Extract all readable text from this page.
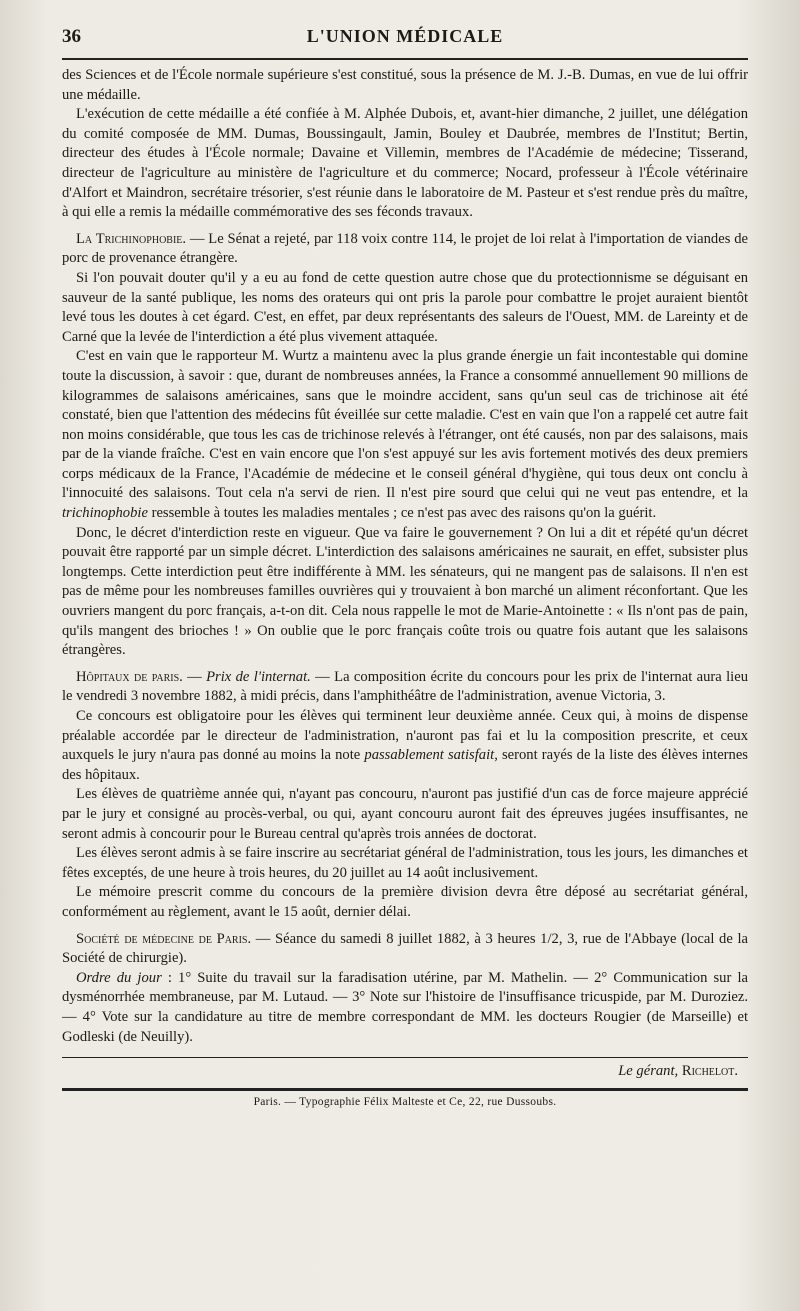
36	L'UNION MÉDICALE

des Sciences et de l'École normale supérieure s'est constitué, sous la présence de M. J.-B. Dumas, en vue de lui offrir une médaille.

L'exécution de cette médaille a été confiée à M. Alphée Dubois, et, avant-hier dimanche, 2 juillet, une délégation du comité composée de MM. Dumas, Boussingault, Jamin, Bouley et Daubrée, membres de l'Institut; Bertin, directeur des études à l'École normale; Davaine et Villemin, membres de l'Académie de médecine; Tisserand, directeur de l'agriculture au ministère de l'agriculture et du commerce; Nocard, professeur à l'École vétérinaire d'Alfort et Maindron, secrétaire trésorier, s'est réunie dans le laboratoire de M. Pasteur et s'est rendue près du maître, à qui elle a remis la médaille commémorative des ses féconds travaux.

La Trichinophobie. — Le Sénat a rejeté, par 118 voix contre 114, le projet de loi relat à l'importation de viandes de porc de provenance étrangère.

Si l'on pouvait douter qu'il y a eu au fond de cette question autre chose que du protectionnisme se déguisant en sauveur de la santé publique, les noms des orateurs qui ont pris la parole pour combattre le projet auraient bientôt levé tous les doutes à cet égard. C'est, en effet, par deux représentants des saleurs de l'Ouest, MM. de Lareinty et de Carné que la levée de l'interdiction a été plus vivement attaquée.

C'est en vain que le rapporteur M. Wurtz a maintenu avec la plus grande énergie un fait incontestable qui domine toute la discussion, à savoir : que, durant de nombreuses années, la France a consommé annuellement 90 millions de kilogrammes de salaisons américaines, sans que le moindre accident, sans qu'un seul cas de trichinose ait été constaté, bien que l'attention des médecins fût éveillée sur cette maladie. C'est en vain que l'on a rappelé cet autre fait non moins considérable, que tous les cas de trichinose relevés à l'étranger, ont été causés, non par des salaisons, mais par de la viande fraîche. C'est en vain encore que l'on s'est appuyé sur les avis fortement motivés des deux premiers corps médicaux de la France, l'Académie de médecine et le conseil général d'hygiène, qui tous deux ont conclu à l'innocuité des salaisons. Tout cela n'a servi de rien. Il n'est pire sourd que celui qui ne veut pas entendre, et la trichinophobie ressemble à toutes les maladies mentales ; ce n'est pas avec des raisons qu'on la guérit.

Donc, le décret d'interdiction reste en vigueur. Que va faire le gouvernement ? On lui a dit et répété qu'un décret pouvait être rapporté par un simple décret. L'interdiction des salaisons américaines ne saurait, en effet, subsister plus longtemps. Cette interdiction peut être indifférente à MM. les sénateurs, qui ne mangent pas de salaisons. Il n'en est pas de même pour les nombreuses familles ouvrières qui y trouvaient à bon marché un aliment réconfortant. Que les ouvriers mangent du porc français, a-t-on dit. Cela nous rappelle le mot de Marie-Antoinette : « Ils n'ont pas de pain, qu'ils mangent des brioches ! » On oublie que le porc français coûte trois ou quatre fois autant que les salaisons étrangères.

Hôpitaux de paris. — Prix de l'internat. — La composition écrite du concours pour les prix de l'internat aura lieu le vendredi 3 novembre 1882, à midi précis, dans l'amphithéâtre de l'administration, avenue Victoria, 3.

Ce concours est obligatoire pour les élèves qui terminent leur deuxième année. Ceux qui, à moins de dispense préalable accordée par le directeur de l'administration, n'auront pas fai et lu la composition prescrite, et ceux auxquels le jury n'aura pas donné au moins la note passablement satisfait, seront rayés de la liste des élèves internes des hôpitaux.

Les élèves de quatrième année qui, n'ayant pas concouru, n'auront pas justifié d'un cas de force majeure apprécié par le jury et consigné au procès-verbal, ou qui, ayant concouru auront fait des épreuves jugées insuffisantes, ne seront admis à concourir pour le Bureau central qu'après trois années de doctorat.

Les élèves seront admis à se faire inscrire au secrétariat général de l'administration, tous les jours, les dimanches et fêtes exceptés, de une heure à trois heures, du 20 juillet au 14 août inclusivement.

Le mémoire prescrit comme du concours de la première division devra être déposé au secrétariat général, conformément au règlement, avant le 15 août, dernier délai.

Société de médecine de Paris. — Séance du samedi 8 juillet 1882, à 3 heures 1/2, 3, rue de l'Abbaye (local de la Société de chirurgie).

Ordre du jour : 1° Suite du travail sur la faradisation utérine, par M. Mathelin. — 2° Communication sur la dysménorrhée membraneuse, par M. Lutaud. — 3° Note sur l'histoire de l'insuffisance tricuspide, par M. Duroziez. — 4° Vote sur la candidature au titre de membre correspondant de MM. les docteurs Rougier (de Marseille) et Godleski (de Neuilly).

Le gérant, Richelot.
Paris. — Typographie Félix Malteste et Ce, 22, rue Dussoubs.
